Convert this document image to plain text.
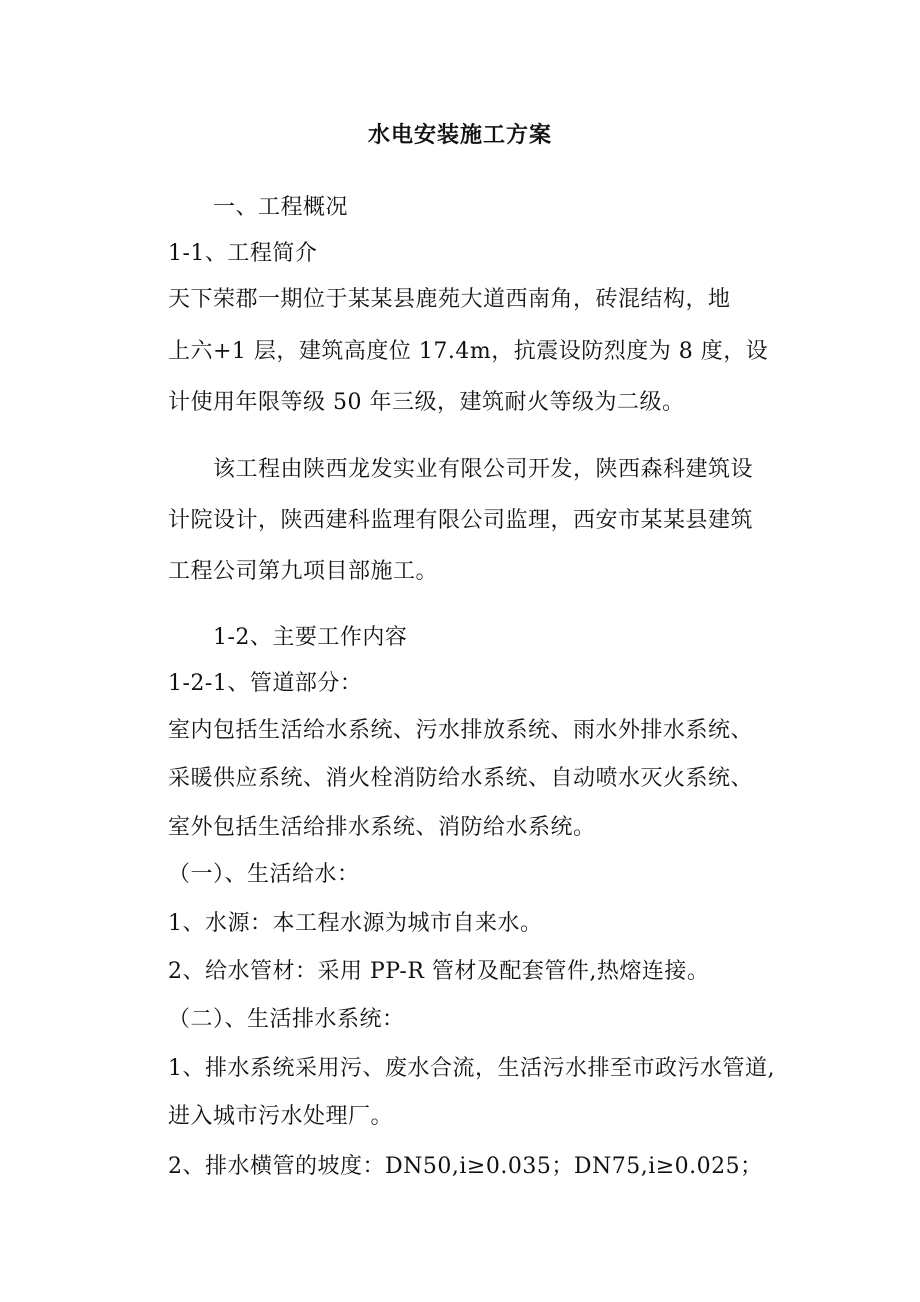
水电安装施工方案
一、工程概况
1-1、工程简介
天下荣郡一期位于某某县鹿苑大道西南角，砖混结构，地
上六+1 层，建筑高度位 17.4m，抗震设防烈度为 8 度，设
计使用年限等级 50 年三级，建筑耐火等级为二级。
该工程由陕西龙发实业有限公司开发，陕西森科建筑设
计院设计，陕西建科监理有限公司监理，西安市某某县建筑
工程公司第九项目部施工。
1-2、主要工作内容
1-2-1、管道部分：
室内包括生活给水系统、污水排放系统、雨水外排水系统、
采暖供应系统、消火栓消防给水系统、自动喷水灭火系统、
室外包括生活给排水系统、消防给水系统。
（一）、生活给水：
1、水源：本工程水源为城市自来水。
2、给水管材：采用 PP-R 管材及配套管件,热熔连接。
（二）、生活排水系统：
1、排水系统采用污、废水合流，生活污水排至市政污水管道,
进入城市污水处理厂。
2、排水横管的坡度：DN50,i≥0.035；DN75,i≥0.025；
